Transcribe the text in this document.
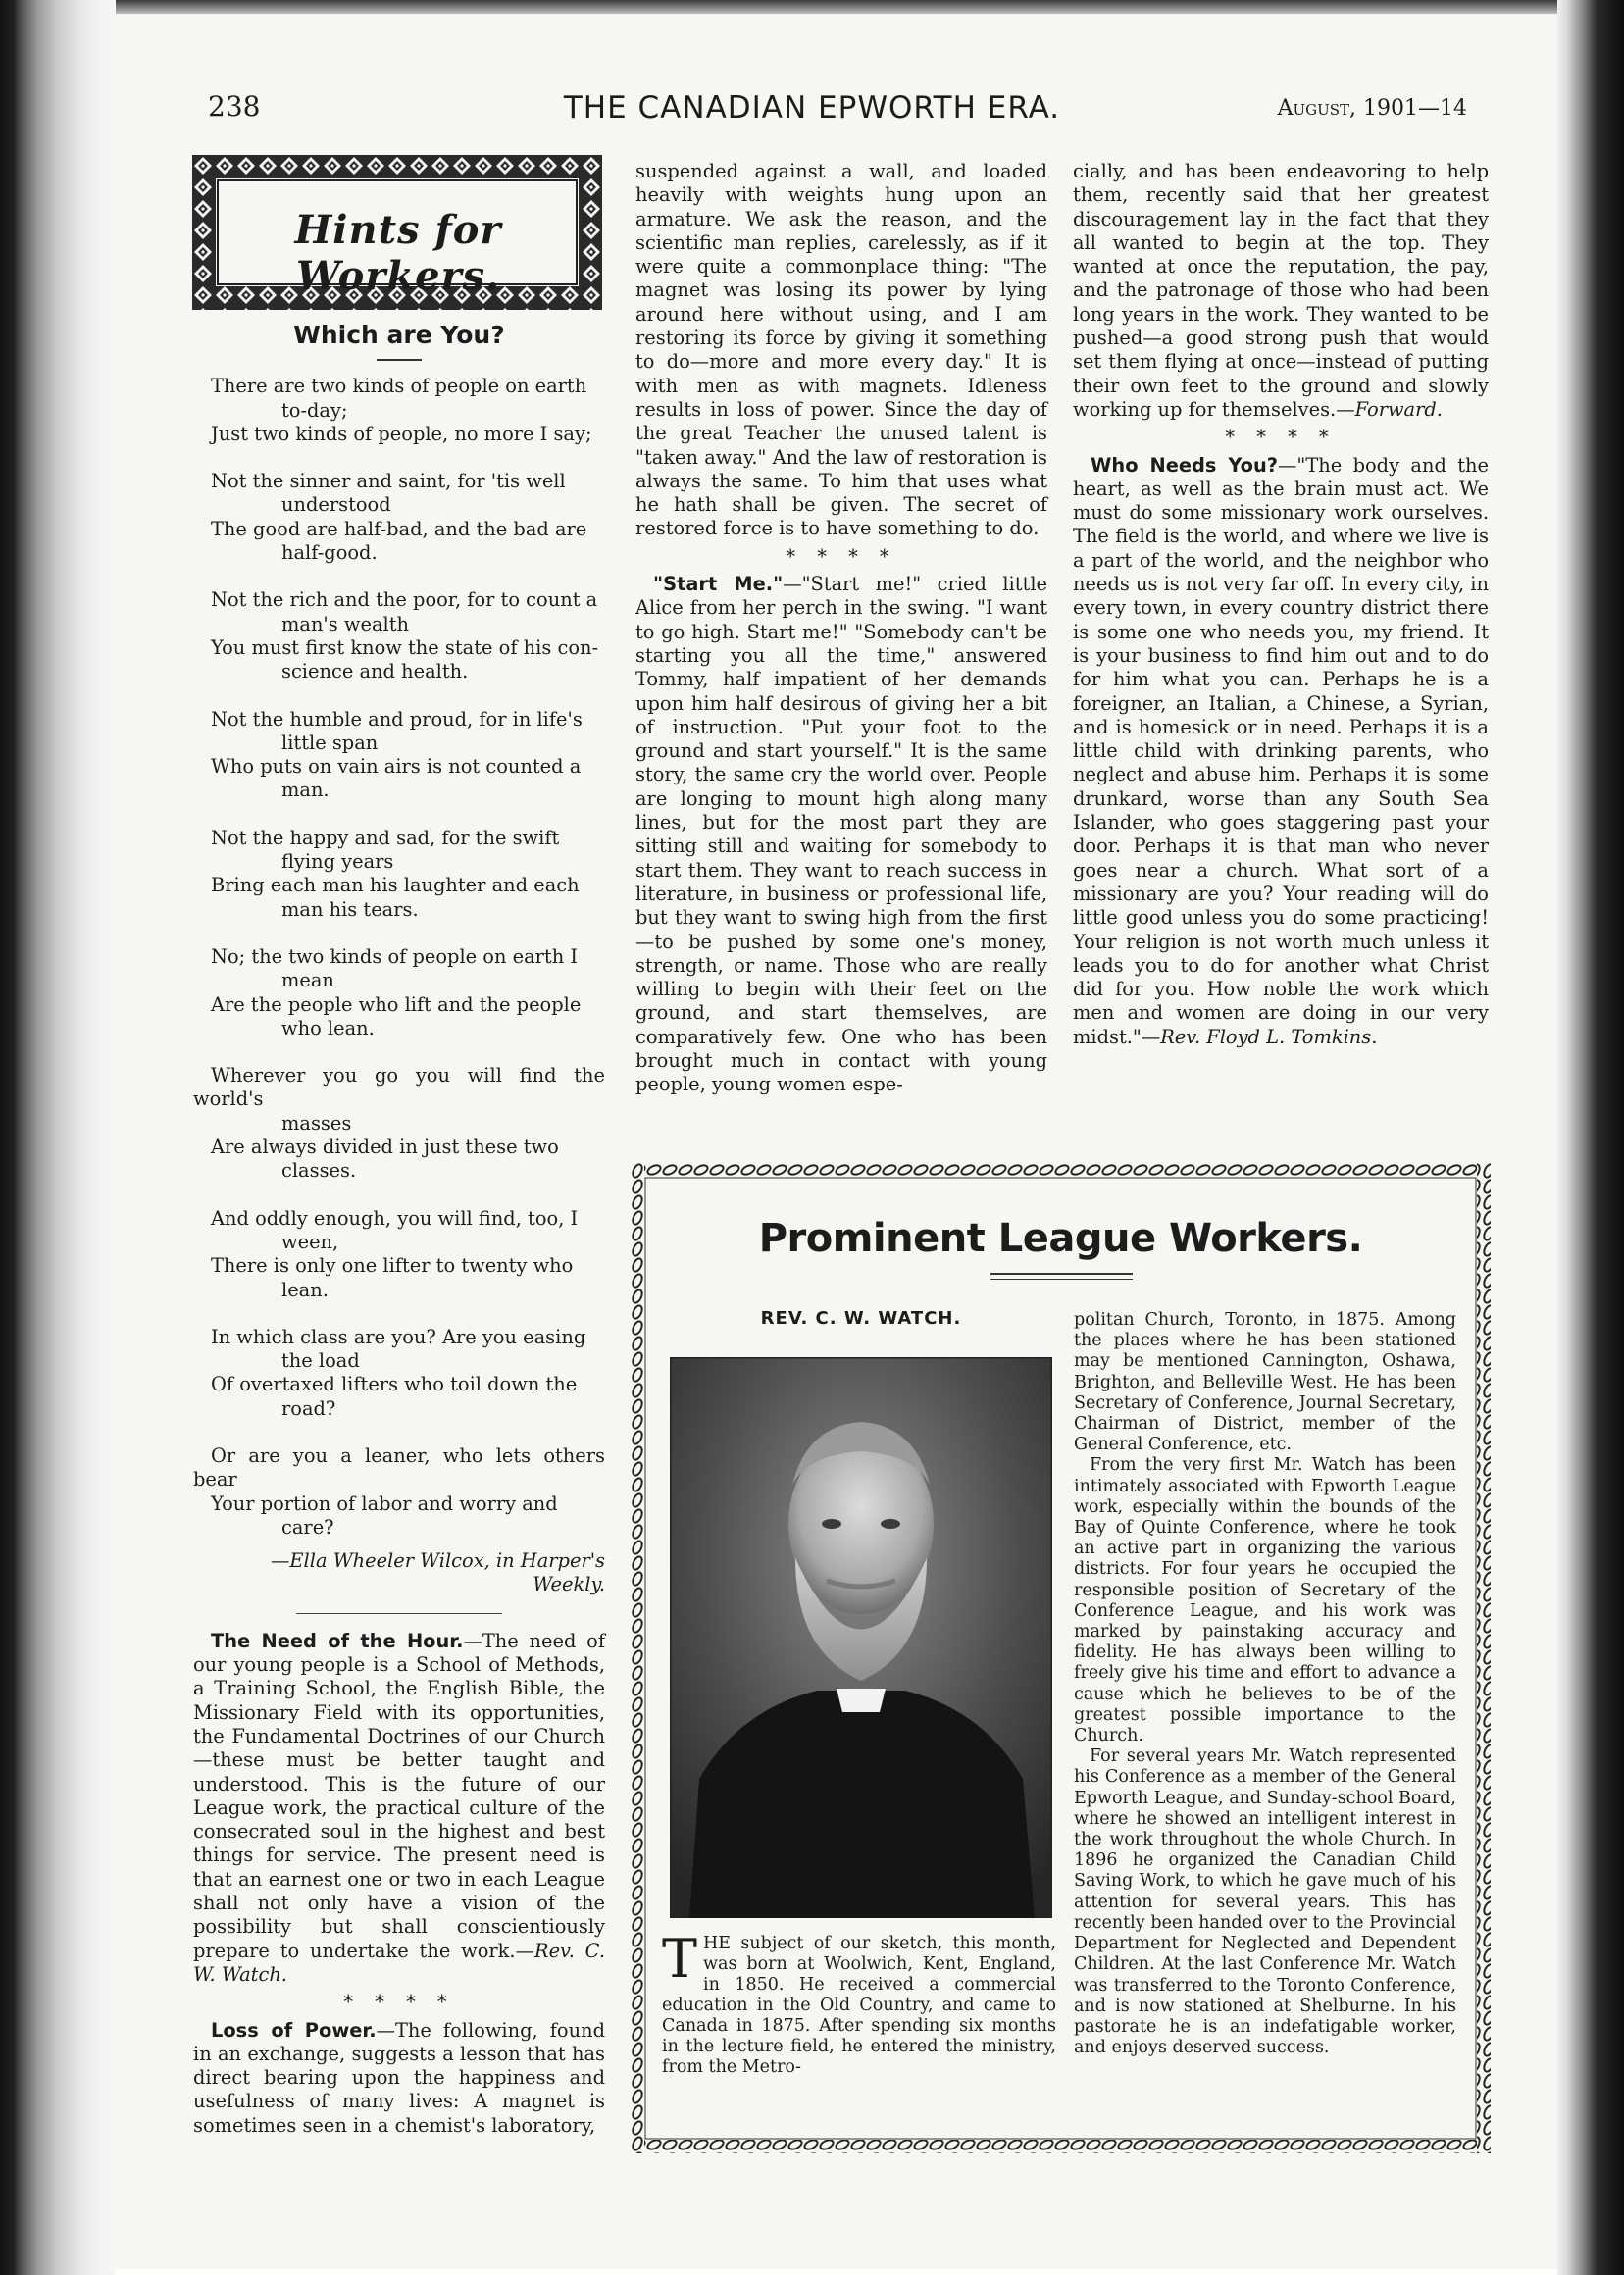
238	THE CANADIAN EPWORTH ERA.	August, 1901—14
Hints for Workers.
Which are You?

There are two kinds of people on earth

to-day;

Just two kinds of people, no more I say;

Not the sinner and saint, for 'tis well

understood

The good are half-bad, and the bad are

half-good.

Not the rich and the poor, for to count a

man's wealth

You must first know the state of his con-

science and health.

Not the humble and proud, for in life's

little span

Who puts on vain airs is not counted a

man.

Not the happy and sad, for the swift

flying years

Bring each man his laughter and each

man his tears.

No; the two kinds of people on earth I

mean

Are the people who lift and the people

who lean.

Wherever you go you will find the world's

masses

Are always divided in just these two

classes.

And oddly enough, you will find, too, I

ween,

There is only one lifter to twenty who

lean.

In which class are you? Are you easing

the load

Of overtaxed lifters who toil down the

road?

Or are you a leaner, who lets others bear

Your portion of labor and worry and

care?

—Ella Wheeler Wilcox, in Harper's Weekly.

The Need of the Hour.—The need of our young people is a School of Methods, a Training School, the English Bible, the Missionary Field with its opportunities, the Fundamental Doctrines of our Church—these must be better taught and understood. This is the future of our League work, the practical culture of the consecrated soul in the highest and best things for service. The present need is that an earnest one or two in each League shall not only have a vision of the possibility but shall conscientiously prepare to undertake the work.—Rev. C. W. Watch.

* * * *

Loss of Power.—The following, found in an exchange, suggests a lesson that has direct bearing upon the happiness and usefulness of many lives: A magnet is sometimes seen in a chemist's laboratory,

suspended against a wall, and loaded heavily with weights hung upon an armature. We ask the reason, and the scientific man replies, carelessly, as if it were quite a commonplace thing: "The magnet was losing its power by lying around here without using, and I am restoring its force by giving it something to do—more and more every day." It is with men as with magnets. Idleness results in loss of power. Since the day of the great Teacher the unused talent is "taken away." And the law of restoration is always the same. To him that uses what he hath shall be given. The secret of restored force is to have something to do.

* * * *

"Start Me."—"Start me!" cried little Alice from her perch in the swing. "I want to go high. Start me!" "Somebody can't be starting you all the time," answered Tommy, half impatient of her demands upon him half desirous of giving her a bit of instruction. "Put your foot to the ground and start yourself." It is the same story, the same cry the world over. People are longing to mount high along many lines, but for the most part they are sitting still and waiting for somebody to start them. They want to reach success in literature, in business or professional life, but they want to swing high from the first—to be pushed by some one's money, strength, or name. Those who are really willing to begin with their feet on the ground, and start themselves, are comparatively few. One who has been brought much in contact with young people, young women espe-

cially, and has been endeavoring to help them, recently said that her greatest discouragement lay in the fact that they all wanted to begin at the top. They wanted at once the reputation, the pay, and the patronage of those who had been long years in the work. They wanted to be pushed—a good strong push that would set them flying at once—instead of putting their own feet to the ground and slowly working up for themselves.—Forward.

* * * *

Who Needs You?—"The body and the heart, as well as the brain must act. We must do some missionary work ourselves. The field is the world, and where we live is a part of the world, and the neighbor who needs us is not very far off. In every city, in every town, in every country district there is some one who needs you, my friend. It is your business to find him out and to do for him what you can. Perhaps he is a foreigner, an Italian, a Chinese, a Syrian, and is homesick or in need. Perhaps it is a little child with drinking parents, who neglect and abuse him. Perhaps it is some drunkard, worse than any South Sea Islander, who goes staggering past your door. Perhaps it is that man who never goes near a church. What sort of a missionary are you? Your reading will do little good unless you do some practicing! Your religion is not worth much unless it leads you to do for another what Christ did for you. How noble the work which men and women are doing in our very midst."—Rev. Floyd L. Tomkins.

Prominent League Workers.
REV. C. W. WATCH.

THE subject of our sketch, this month, was born at Woolwich, Kent, England, in 1850. He received a commercial education in the Old Country, and came to Canada in 1875. After spending six months in the lecture field, he entered the ministry, from the Metro-

politan Church, Toronto, in 1875. Among the places where he has been stationed may be mentioned Cannington, Oshawa, Brighton, and Belleville West. He has been Secretary of Conference, Journal Secretary, Chairman of District, member of the General Conference, etc.

From the very first Mr. Watch has been intimately associated with Epworth League work, especially within the bounds of the Bay of Quinte Conference, where he took an active part in organizing the various districts. For four years he occupied the responsible position of Secretary of the Conference League, and his work was marked by painstaking accuracy and fidelity. He has always been willing to freely give his time and effort to advance a cause which he believes to be of the greatest possible importance to the Church.

For several years Mr. Watch represented his Conference as a member of the General Epworth League, and Sunday-school Board, where he showed an intelligent interest in the work throughout the whole Church. In 1896 he organized the Canadian Child Saving Work, to which he gave much of his attention for several years. This has recently been handed over to the Provincial Department for Neglected and Dependent Children. At the last Conference Mr. Watch was transferred to the Toronto Conference, and is now stationed at Shelburne. In his pastorate he is an indefatigable worker, and enjoys deserved success.
